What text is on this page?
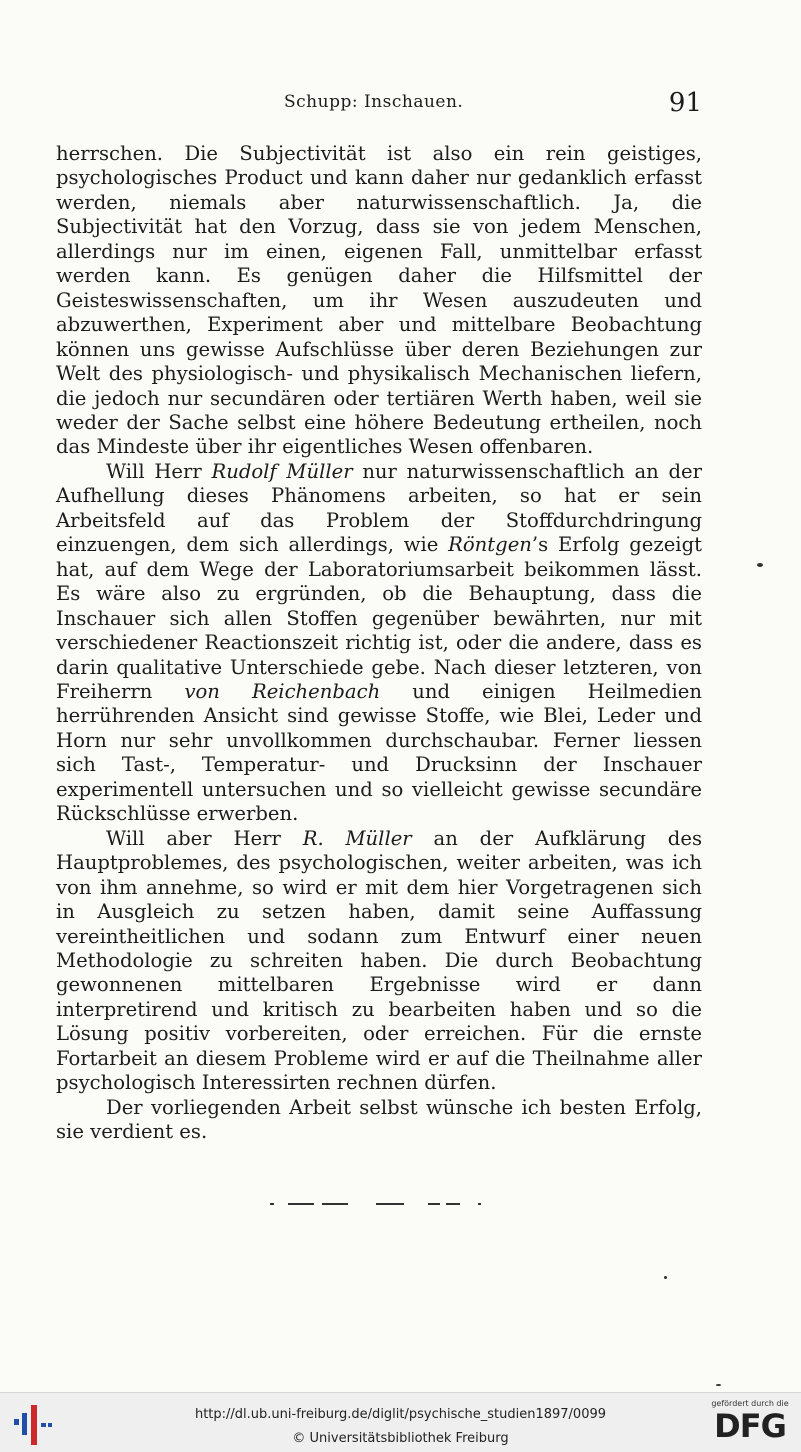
Schupp: Inschauen.	91

herrschen. Die Subjectivität ist also ein rein geistiges, psychologisches Product und kann daher nur gedanklich erfasst werden, niemals aber naturwissenschaftlich. Ja, die Subjectivität hat den Vorzug, dass sie von jedem Menschen, allerdings nur im einen, eigenen Fall, unmittelbar erfasst werden kann. Es genügen daher die Hilfsmittel der Geisteswissenschaften, um ihr Wesen auszudeuten und abzuwerthen, Experiment aber und mittelbare Beobachtung können uns gewisse Aufschlüsse über deren Beziehungen zur Welt des physiologisch- und physikalisch Mechanischen liefern, die jedoch nur secundären oder tertiären Werth haben, weil sie weder der Sache selbst eine höhere Bedeutung ertheilen, noch das Mindeste über ihr eigentliches Wesen offenbaren.

Will Herr Rudolf Müller nur naturwissenschaftlich an der Aufhellung dieses Phänomens arbeiten, so hat er sein Arbeitsfeld auf das Problem der Stoffdurchdringung einzuengen, dem sich allerdings, wie Röntgen’s Erfolg gezeigt hat, auf dem Wege der Laboratoriumsarbeit beikommen lässt. Es wäre also zu ergründen, ob die Behauptung, dass die Inschauer sich allen Stoffen gegenüber bewährten, nur mit verschiedener Reactionszeit richtig ist, oder die andere, dass es darin qualitative Unterschiede gebe. Nach dieser letzteren, von Freiherrn von Reichenbach und einigen Heilmedien herrührenden Ansicht sind gewisse Stoffe, wie Blei, Leder und Horn nur sehr unvollkommen durchschaubar. Ferner liessen sich Tast-, Temperatur- und Drucksinn der Inschauer experimentell untersuchen und so vielleicht gewisse secundäre Rückschlüsse erwerben.

Will aber Herr R. Müller an der Aufklärung des Hauptproblemes, des psychologischen, weiter arbeiten, was ich von ihm annehme, so wird er mit dem hier Vorgetragenen sich in Ausgleich zu setzen haben, damit seine Auffassung vereintheitlichen und sodann zum Entwurf einer neuen Methodologie zu schreiten haben. Die durch Beobachtung gewonnenen mittelbaren Ergebnisse wird er dann interpretirend und kritisch zu bearbeiten haben und so die Lösung positiv vorbereiten, oder erreichen. Für die ernste Fortarbeit an diesem Probleme wird er auf die Theilnahme aller psychologisch Interessirten rechnen dürfen.

Der vorliegenden Arbeit selbst wünsche ich besten Erfolg, sie verdient es.

http://dl.ub.uni-freiburg.de/diglit/psychische_studien1897/0099
© Universitätsbibliothek Freiburg
gefördert durch die
DFG
